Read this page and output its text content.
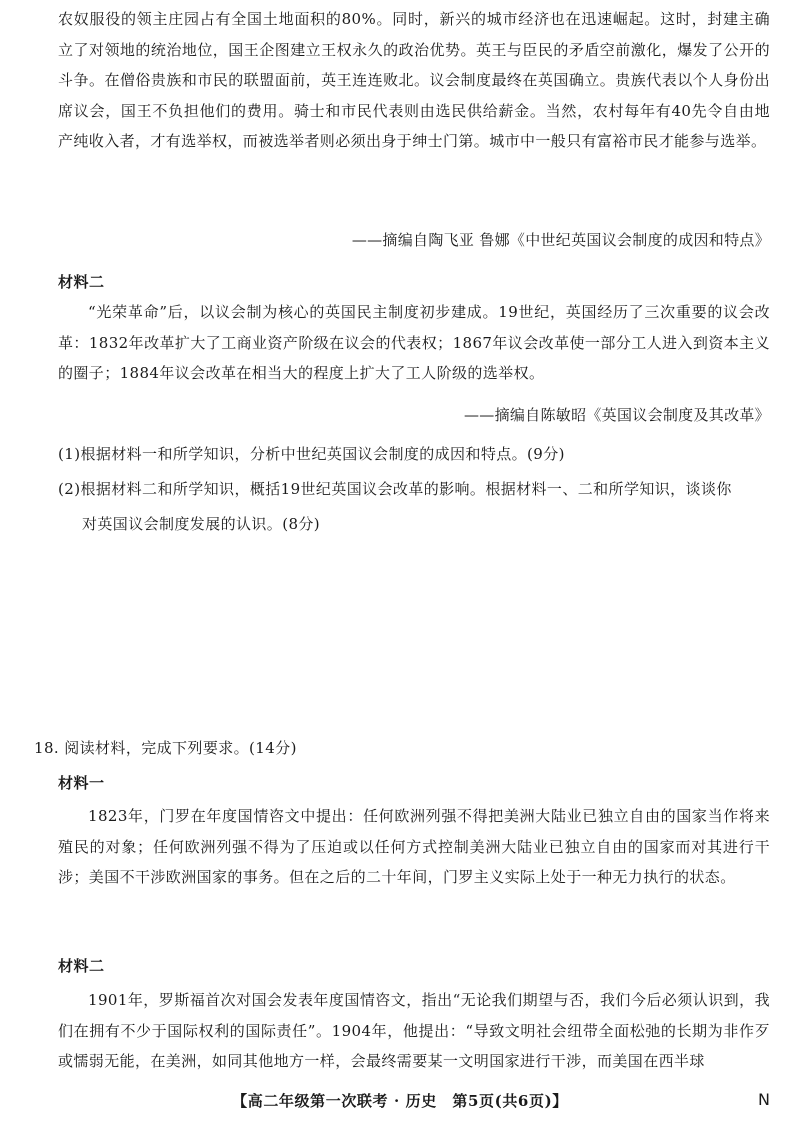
农奴服役的领主庄园占有全国土地面积的80%。同时，新兴的城市经济也在迅速崛起。这时，封建主确立了对领地的统治地位，国王企图建立王权永久的政治优势。英王与臣民的矛盾空前激化，爆发了公开的斗争。在僧俗贵族和市民的联盟面前，英王连连败北。议会制度最终在英国确立。贵族代表以个人身份出席议会，国王不负担他们的费用。骑士和市民代表则由选民供给薪金。当然，农村每年有40先令自由地产纯收入者，才有选举权，而被选举者则必须出身于绅士门第。城市中一般只有富裕市民才能参与选举。

——摘编自陶飞亚 鲁娜《中世纪英国议会制度的成因和特点》

材料二

“光荣革命”后，以议会制为核心的英国民主制度初步建成。19世纪，英国经历了三次重要的议会改革：1832年改革扩大了工商业资产阶级在议会的代表权；1867年议会改革使一部分工人进入到资本主义的圈子；1884年议会改革在相当大的程度上扩大了工人阶级的选举权。

——摘编自陈敏昭《英国议会制度及其改革》

(1)根据材料一和所学知识，分析中世纪英国议会制度的成因和特点。(9分)

(2)根据材料二和所学知识，概括19世纪英国议会改革的影响。根据材料一、二和所学知识，谈谈你

对英国议会制度发展的认识。(8分)

18. 阅读材料，完成下列要求。(14分)

材料一

1823年，门罗在年度国情咨文中提出：任何欧洲列强不得把美洲大陆业已独立自由的国家当作将来殖民的对象；任何欧洲列强不得为了压迫或以任何方式控制美洲大陆业已独立自由的国家而对其进行干涉；美国不干涉欧洲国家的事务。但在之后的二十年间，门罗主义实际上处于一种无力执行的状态。

材料二

1901年，罗斯福首次对国会发表年度国情咨文，指出“无论我们期望与否，我们今后必须认识到，我们在拥有不少于国际权利的国际责任”。1904年，他提出：“导致文明社会纽带全面松弛的长期为非作歹或懦弱无能，在美洲，如同其他地方一样，会最终需要某一文明国家进行干涉，而美国在西半球

【高二年级第一次联考 · 历史　第5页(共6页)】	N
